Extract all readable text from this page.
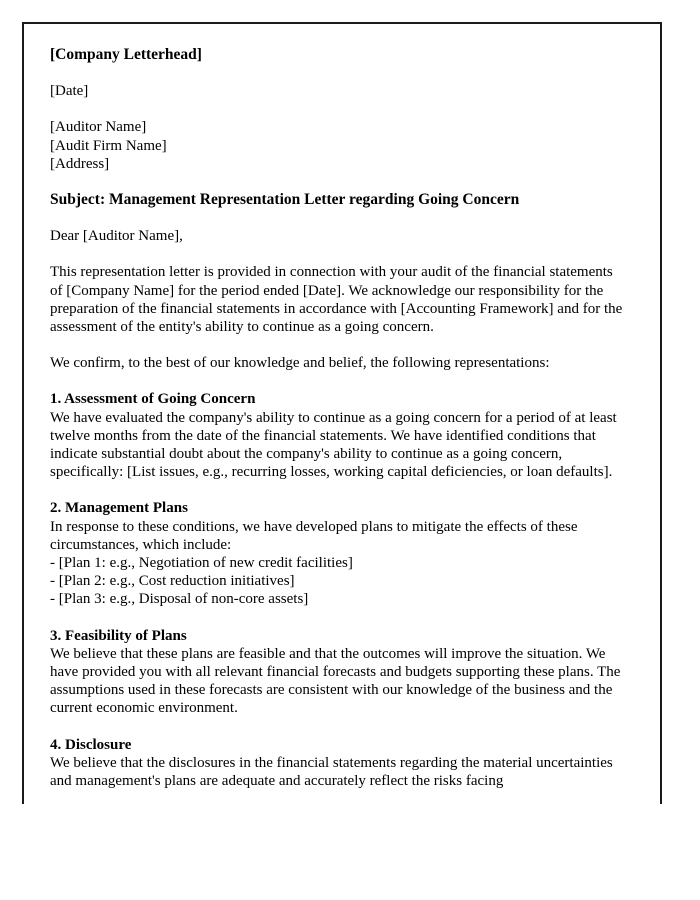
[Company Letterhead]
[Date]
[Auditor Name]
[Audit Firm Name]
[Address]
Subject: Management Representation Letter regarding Going Concern
Dear [Auditor Name],
This representation letter is provided in connection with your audit of the financial statements of [Company Name] for the period ended [Date]. We acknowledge our responsibility for the preparation of the financial statements in accordance with [Accounting Framework] and for the assessment of the entity's ability to continue as a going concern.
We confirm, to the best of our knowledge and belief, the following representations:
1. Assessment of Going Concern
We have evaluated the company's ability to continue as a going concern for a period of at least twelve months from the date of the financial statements. We have identified conditions that indicate substantial doubt about the company's ability to continue as a going concern, specifically: [List issues, e.g., recurring losses, working capital deficiencies, or loan defaults].
2. Management Plans
In response to these conditions, we have developed plans to mitigate the effects of these circumstances, which include:
- [Plan 1: e.g., Negotiation of new credit facilities]
- [Plan 2: e.g., Cost reduction initiatives]
- [Plan 3: e.g., Disposal of non-core assets]
3. Feasibility of Plans
We believe that these plans are feasible and that the outcomes will improve the situation. We have provided you with all relevant financial forecasts and budgets supporting these plans. The assumptions used in these forecasts are consistent with our knowledge of the business and the current economic environment.
4. Disclosure
We believe that the disclosures in the financial statements regarding the material uncertainties and management's plans are adequate and accurately reflect the risks facing
